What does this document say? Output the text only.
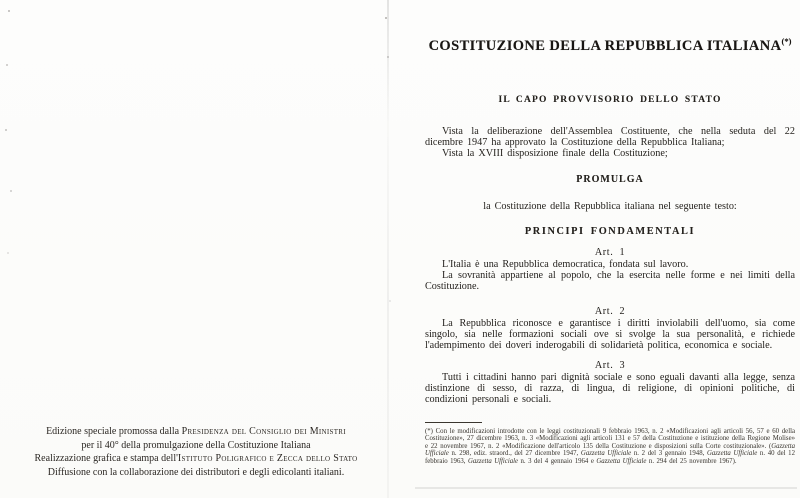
Edizione speciale promossa dalla Presidenza del Consiglio dei Ministri
per il 40° della promulgazione della Costituzione Italiana
Realizzazione grafica e stampa dell'Istituto Poligrafico e Zecca dello Stato
Diffusione con la collaborazione dei distributori e degli edicolanti italiani.
COSTITUZIONE DELLA REPUBBLICA ITALIANA(*)
IL CAPO PROVVISORIO DELLO STATO

Vista la deliberazione dell'Assemblea Costituente, che nella seduta del 22 dicembre 1947 ha approvato la Costituzione della Repubblica Italiana;

Vista la XVIII disposizione finale della Costituzione;

PROMULGA
la Costituzione della Repubblica italiana nel seguente testo:
PRINCIPI FONDAMENTALI
Art. 1

L'Italia è una Repubblica democratica, fondata sul lavoro.

La sovranità appartiene al popolo, che la esercita nelle forme e nei limiti della Costituzione.

Art. 2

La Repubblica riconosce e garantisce i diritti inviolabili dell'uomo, sia come singolo, sia nelle formazioni sociali ove si svolge la sua personalità, e richiede l'adempimento dei doveri inderogabili di solidarietà politica, economica e sociale.

Art. 3

Tutti i cittadini hanno pari dignità sociale e sono eguali davanti alla legge, senza distinzione di sesso, di razza, di lingua, di religione, di opinioni politiche, di condizioni personali e sociali.

(*) Con le modificazioni introdotte con le leggi costituzionali 9 febbraio 1963, n. 2 «Modificazioni agli articoli 56, 57 e 60 della Costituzione», 27 dicembre 1963, n. 3 «Modificazioni agli articoli 131 e 57 della Costituzione e istituzione della Regione Molise» e 22 novembre 1967, n. 2 «Modificazione dell'articolo 135 della Costituzione e disposizioni sulla Corte costituzionale». (Gazzetta Ufficiale n. 298, ediz. straord., del 27 dicembre 1947, Gazzetta Ufficiale n. 2 del 3 gennaio 1948, Gazzetta Ufficiale n. 40 del 12 febbraio 1963, Gazzetta Ufficiale n. 3 del 4 gennaio 1964 e Gazzetta Ufficiale n. 294 del 25 novembre 1967).
